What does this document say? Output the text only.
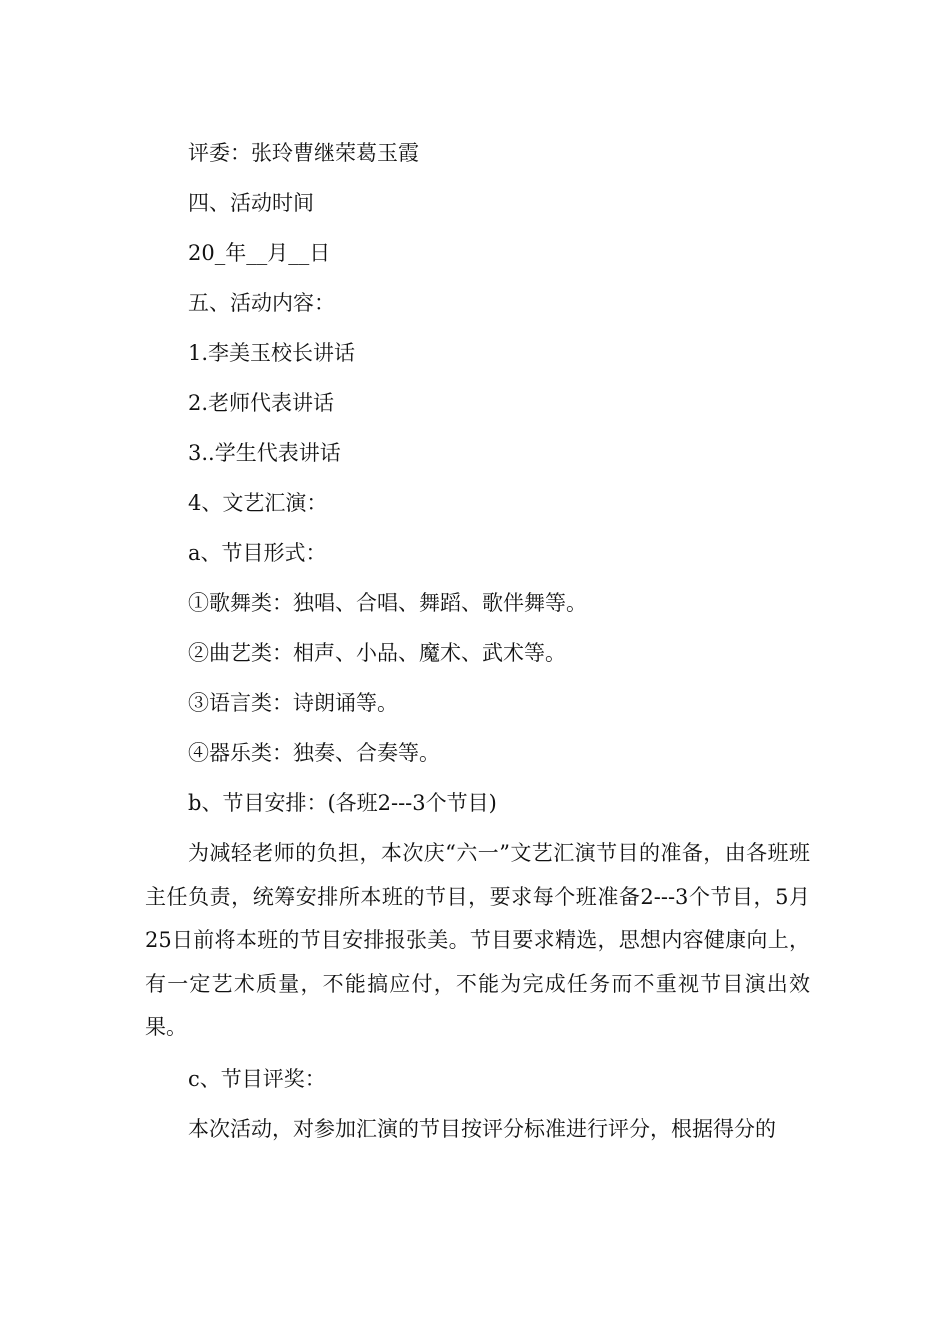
评委：张玲曹继荣葛玉霞
四、活动时间
20_年__月__日
五、活动内容：
1.李美玉校长讲话
2.老师代表讲话
3..学生代表讲话
4、文艺汇演：
a、节目形式：
①歌舞类：独唱、合唱、舞蹈、歌伴舞等。
②曲艺类：相声、小品、魔术、武术等。
③语言类：诗朗诵等。
④器乐类：独奏、合奏等。
b、节目安排：(各班2---3个节目)
为减轻老师的负担，本次庆“六一”文艺汇演节目的准备，由各班班主任负责，统筹安排所本班的节目，要求每个班准备2---3个节目，5月25日前将本班的节目安排报张美。节目要求精选，思想内容健康向上，有一定艺术质量，不能搞应付，不能为完成任务而不重视节目演出效果。
c、节目评奖：
本次活动，对参加汇演的节目按评分标准进行评分，根据得分的
